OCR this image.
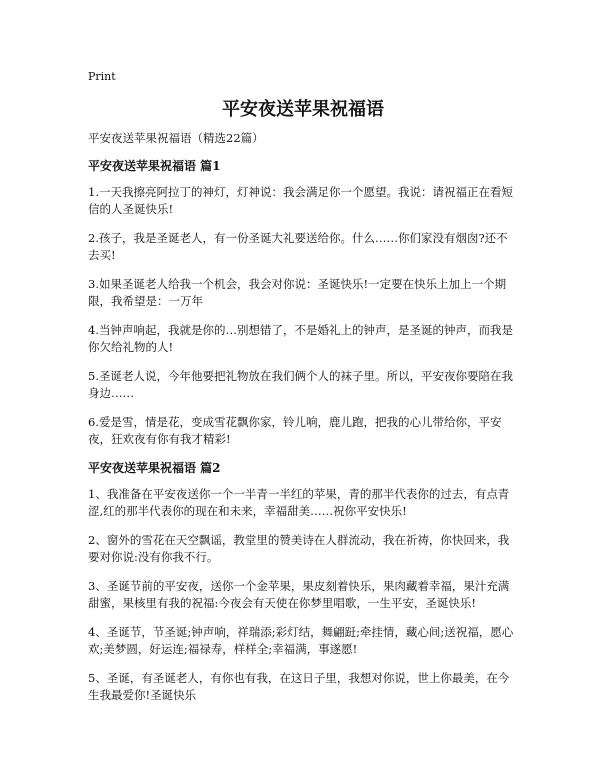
Print
平安夜送苹果祝福语
平安夜送苹果祝福语（精选22篇）
平安夜送苹果祝福语 篇1

1.一天我擦亮阿拉丁的神灯，灯神说：我会满足你一个愿望。我说：请祝福正在看短信的人圣诞快乐!

2.孩子，我是圣诞老人，有一份圣诞大礼要送给你。什么……你们家没有烟囱?还不去买!

3.如果圣诞老人给我一个机会，我会对你说：圣诞快乐!一定要在快乐上加上一个期限，我希望是：一万年

4.当钟声响起，我就是你的…别想错了，不是婚礼上的钟声，是圣诞的钟声，而我是你欠给礼物的人!

5.圣诞老人说，今年他要把礼物放在我们俩个人的袜子里。所以，平安夜你要陪在我身边……

6.爱是雪，情是花，变成雪花飘你家，铃儿响，鹿儿跑，把我的心儿带给你，平安夜，狂欢夜有你有我才精彩!

平安夜送苹果祝福语 篇2

1、我准备在平安夜送你一个一半青一半红的苹果，青的那半代表你的过去，有点青涩,红的那半代表你的现在和未来，幸福甜美……祝你平安快乐!

2、窗外的雪花在天空飘谣，教堂里的赞美诗在人群流动，我在祈祷，你快回来，我要对你说:没有你我不行。

3、圣诞节前的平安夜，送你一个金苹果，果皮刻着快乐，果肉藏着幸福，果汁充满甜蜜，果核里有我的祝福:今夜会有天使在你梦里唱歌，一生平安，圣诞快乐!

4、圣诞节，节圣诞;钟声响，祥瑞添;彩灯结，舞翩跹;牵挂情，藏心间;送祝福，愿心欢;美梦圆，好运连;福禄寿，样样全;幸福满，事遂愿!

5、圣诞，有圣诞老人，有你也有我，在这日子里，我想对你说，世上你最美，在今生我最爱你!圣诞快乐
